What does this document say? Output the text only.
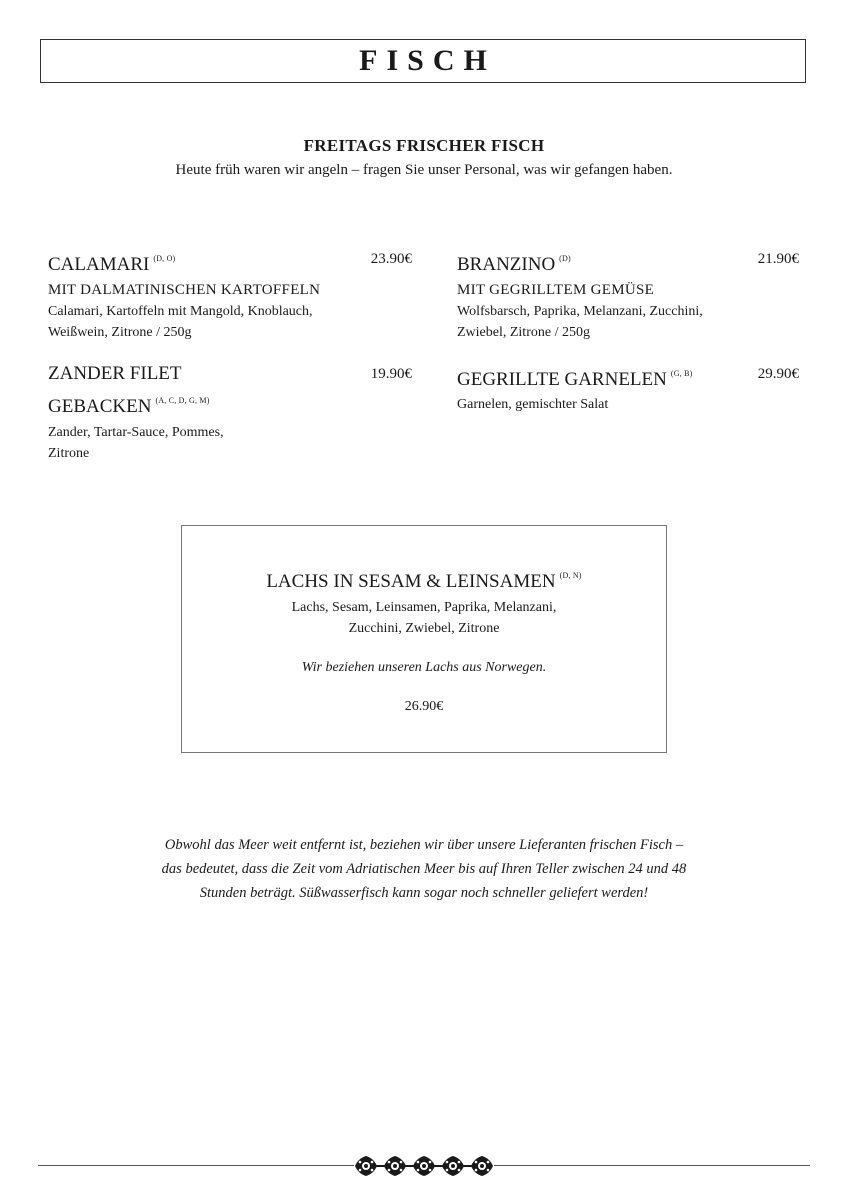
FISCH
FREITAGS FRISCHER FISCH
Heute früh waren wir angeln – fragen Sie unser Personal, was wir gefangen haben.
CALAMARI $^{(D, O)}$	23.90€
MIT DALMATINISCHEN KARTOFFELN
Calamari, Kartoffeln mit Mangold, Knoblauch,
Weißwein, Zitrone / 250g
BRANZINO $^{(D)}$	21.90€
MIT GEGRILLTEM GEMÜSE
Wolfsbarsch, Paprika, Melanzani, Zucchini,
Zwiebel, Zitrone / 250g
ZANDER FILET
GEBACKEN $^{(A, C, D, G, M)}$
19.90€
Zander, Tartar-Sauce, Pommes,
Zitrone
GEGRILLTE GARNELEN $^{(G, B)}$	29.90€
Garnelen, gemischter Salat
LACHS IN SESAM & LEINSAMEN $^{(D, N)}$
Lachs, Sesam, Leinsamen, Paprika, Melanzani,
Zucchini, Zwiebel, Zitrone
Wir beziehen unseren Lachs aus Norwegen.
26.90€
Obwohl das Meer weit entfernt ist, beziehen wir über unsere Lieferanten frischen Fisch –
das bedeutet, dass die Zeit vom Adriatischen Meer bis auf Ihren Teller zwischen 24 und 48
Stunden beträgt. Süßwasserfisch kann sogar noch schneller geliefert werden!
